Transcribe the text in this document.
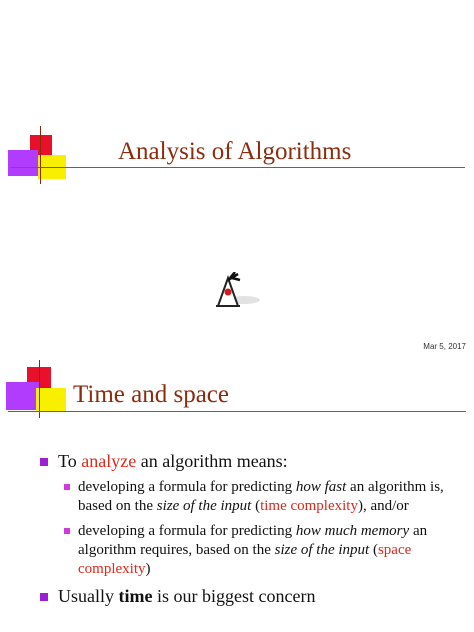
Analysis of Algorithms
Mar 5, 2017
Time and space
To analyze an algorithm means:
developing a formula for predicting how fast an algorithm is, based on the size of the input (time complexity), and/or
developing a formula for predicting how much memory an algorithm requires, based on the size of the input (space complexity)
Usually time is our biggest concern
